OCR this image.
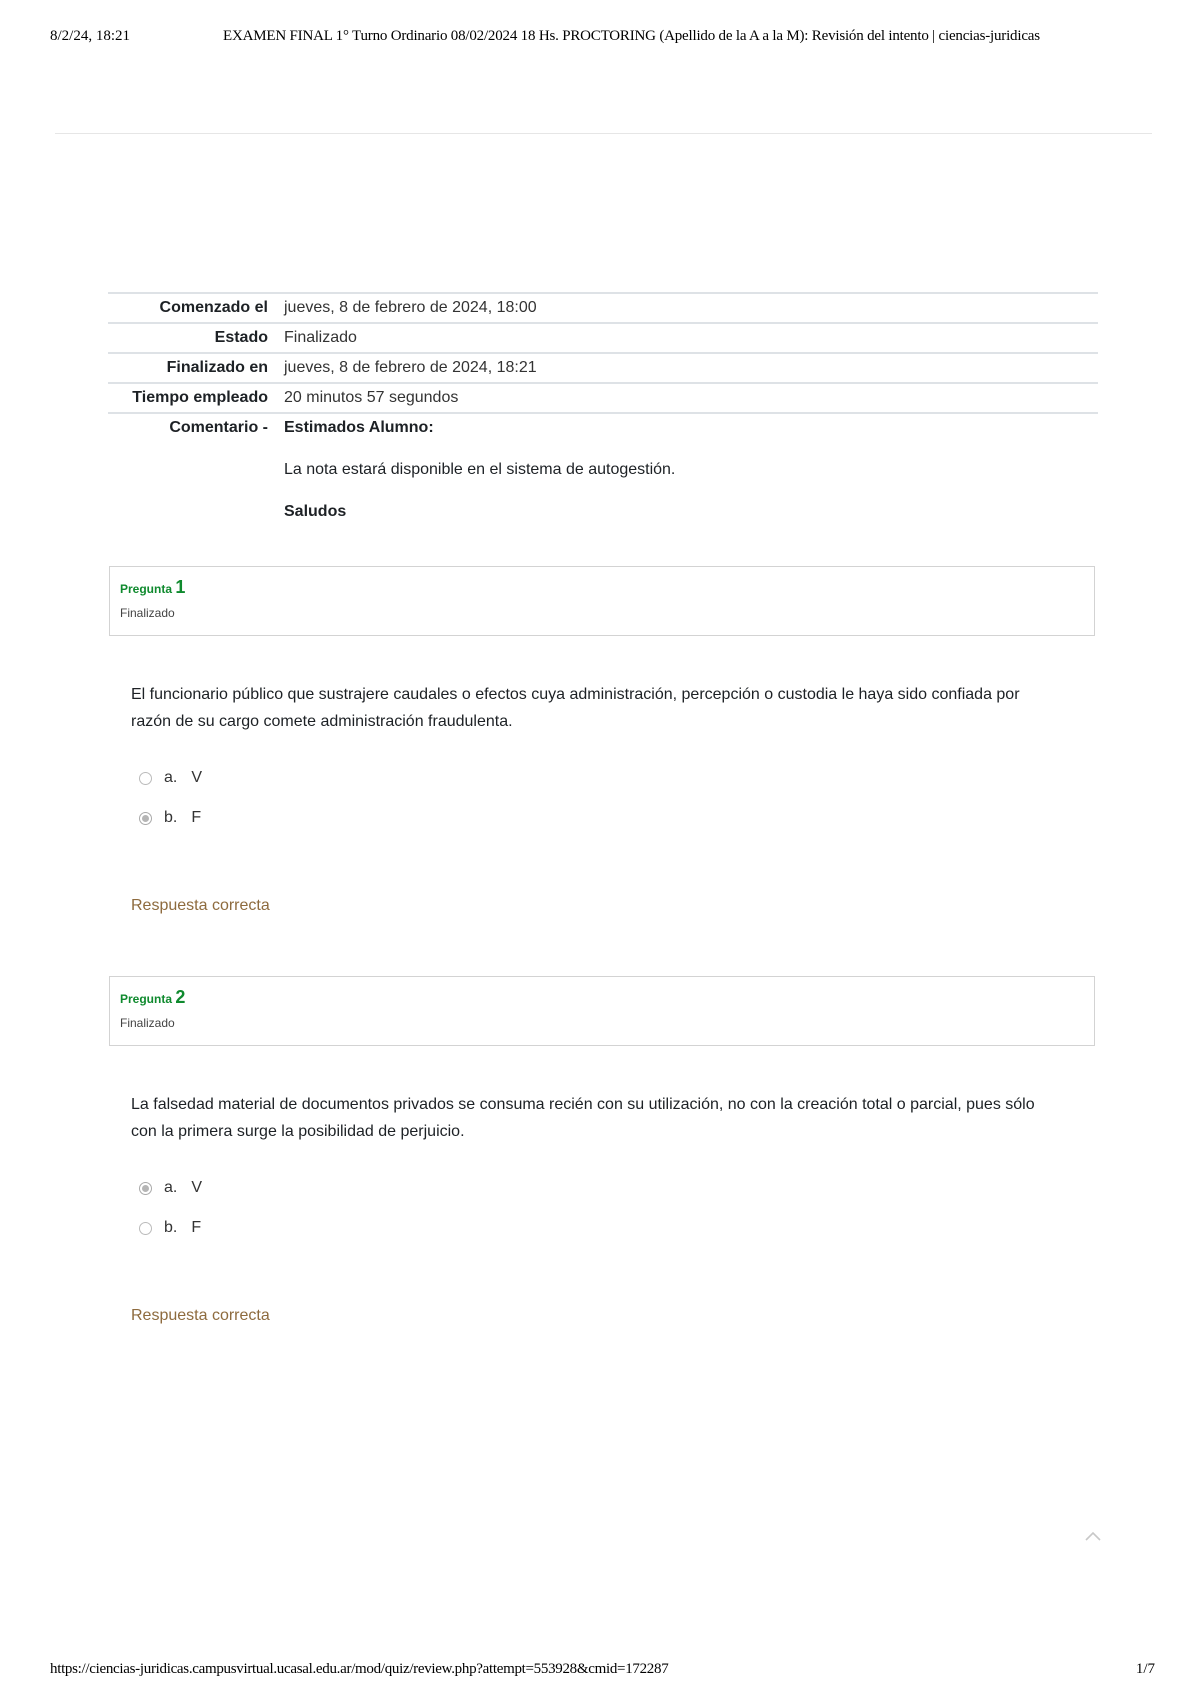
8/2/24, 18:21	EXAMEN FINAL 1° Turno Ordinario 08/02/2024 18 Hs. PROCTORING (Apellido de la A a la M): Revisión del intento | ciencias-juridicas
Comenzado el	jueves, 8 de febrero de 2024, 18:00
Estado	Finalizado
Finalizado en	jueves, 8 de febrero de 2024, 18:21
Tiempo empleado	20 minutos 57 segundos
Comentario -	Estimados Alumno:

La nota estará disponible en el sistema de autogestión.

Saludos

Pregunta 1
Finalizado
El funcionario público que sustrajere caudales o efectos cuya administración, percepción o custodia le haya sido confiada por razón de su cargo comete administración fraudulenta.
a. V
b. F
Respuesta correcta
Pregunta 2
Finalizado
La falsedad material de documentos privados se consuma recién con su utilización, no con la creación total o parcial, pues sólo con la primera surge la posibilidad de perjuicio.
a. V
b. F
Respuesta correcta
https://ciencias-juridicas.campusvirtual.ucasal.edu.ar/mod/quiz/review.php?attempt=553928&cmid=172287	1/7
